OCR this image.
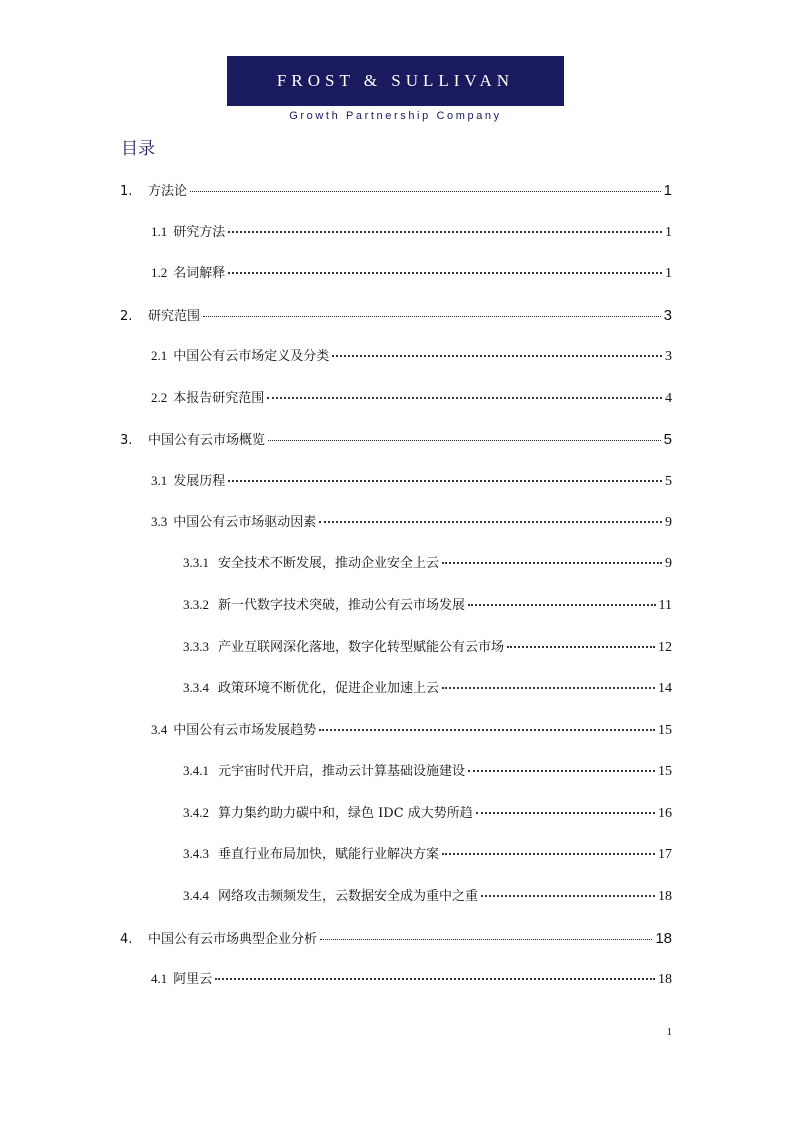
FROST & SULLIVAN
Growth Partnership Company
目录
1.	方法论	1
1.1 研究方法	1
1.2 名词解释	1
2.	研究范围	3
2.1 中国公有云市场定义及分类	3
2.2 本报告研究范围	4
3.	中国公有云市场概览	5
3.1 发展历程	5
3.3 中国公有云市场驱动因素	9
3.3.1 安全技术不断发展，推动企业安全上云	9
3.3.2 新一代数字技术突破，推动公有云市场发展	11
3.3.3 产业互联网深化落地，数字化转型赋能公有云市场	12
3.3.4 政策环境不断优化，促进企业加速上云	14
3.4 中国公有云市场发展趋势	15
3.4.1 元宇宙时代开启，推动云计算基础设施建设	15
3.4.2 算力集约助力碳中和，绿色 IDC 成大势所趋	16
3.4.3 垂直行业布局加快，赋能行业解决方案	17
3.4.4 网络攻击频频发生，云数据安全成为重中之重	18
4.	中国公有云市场典型企业分析	18
4.1 阿里云	18
1
